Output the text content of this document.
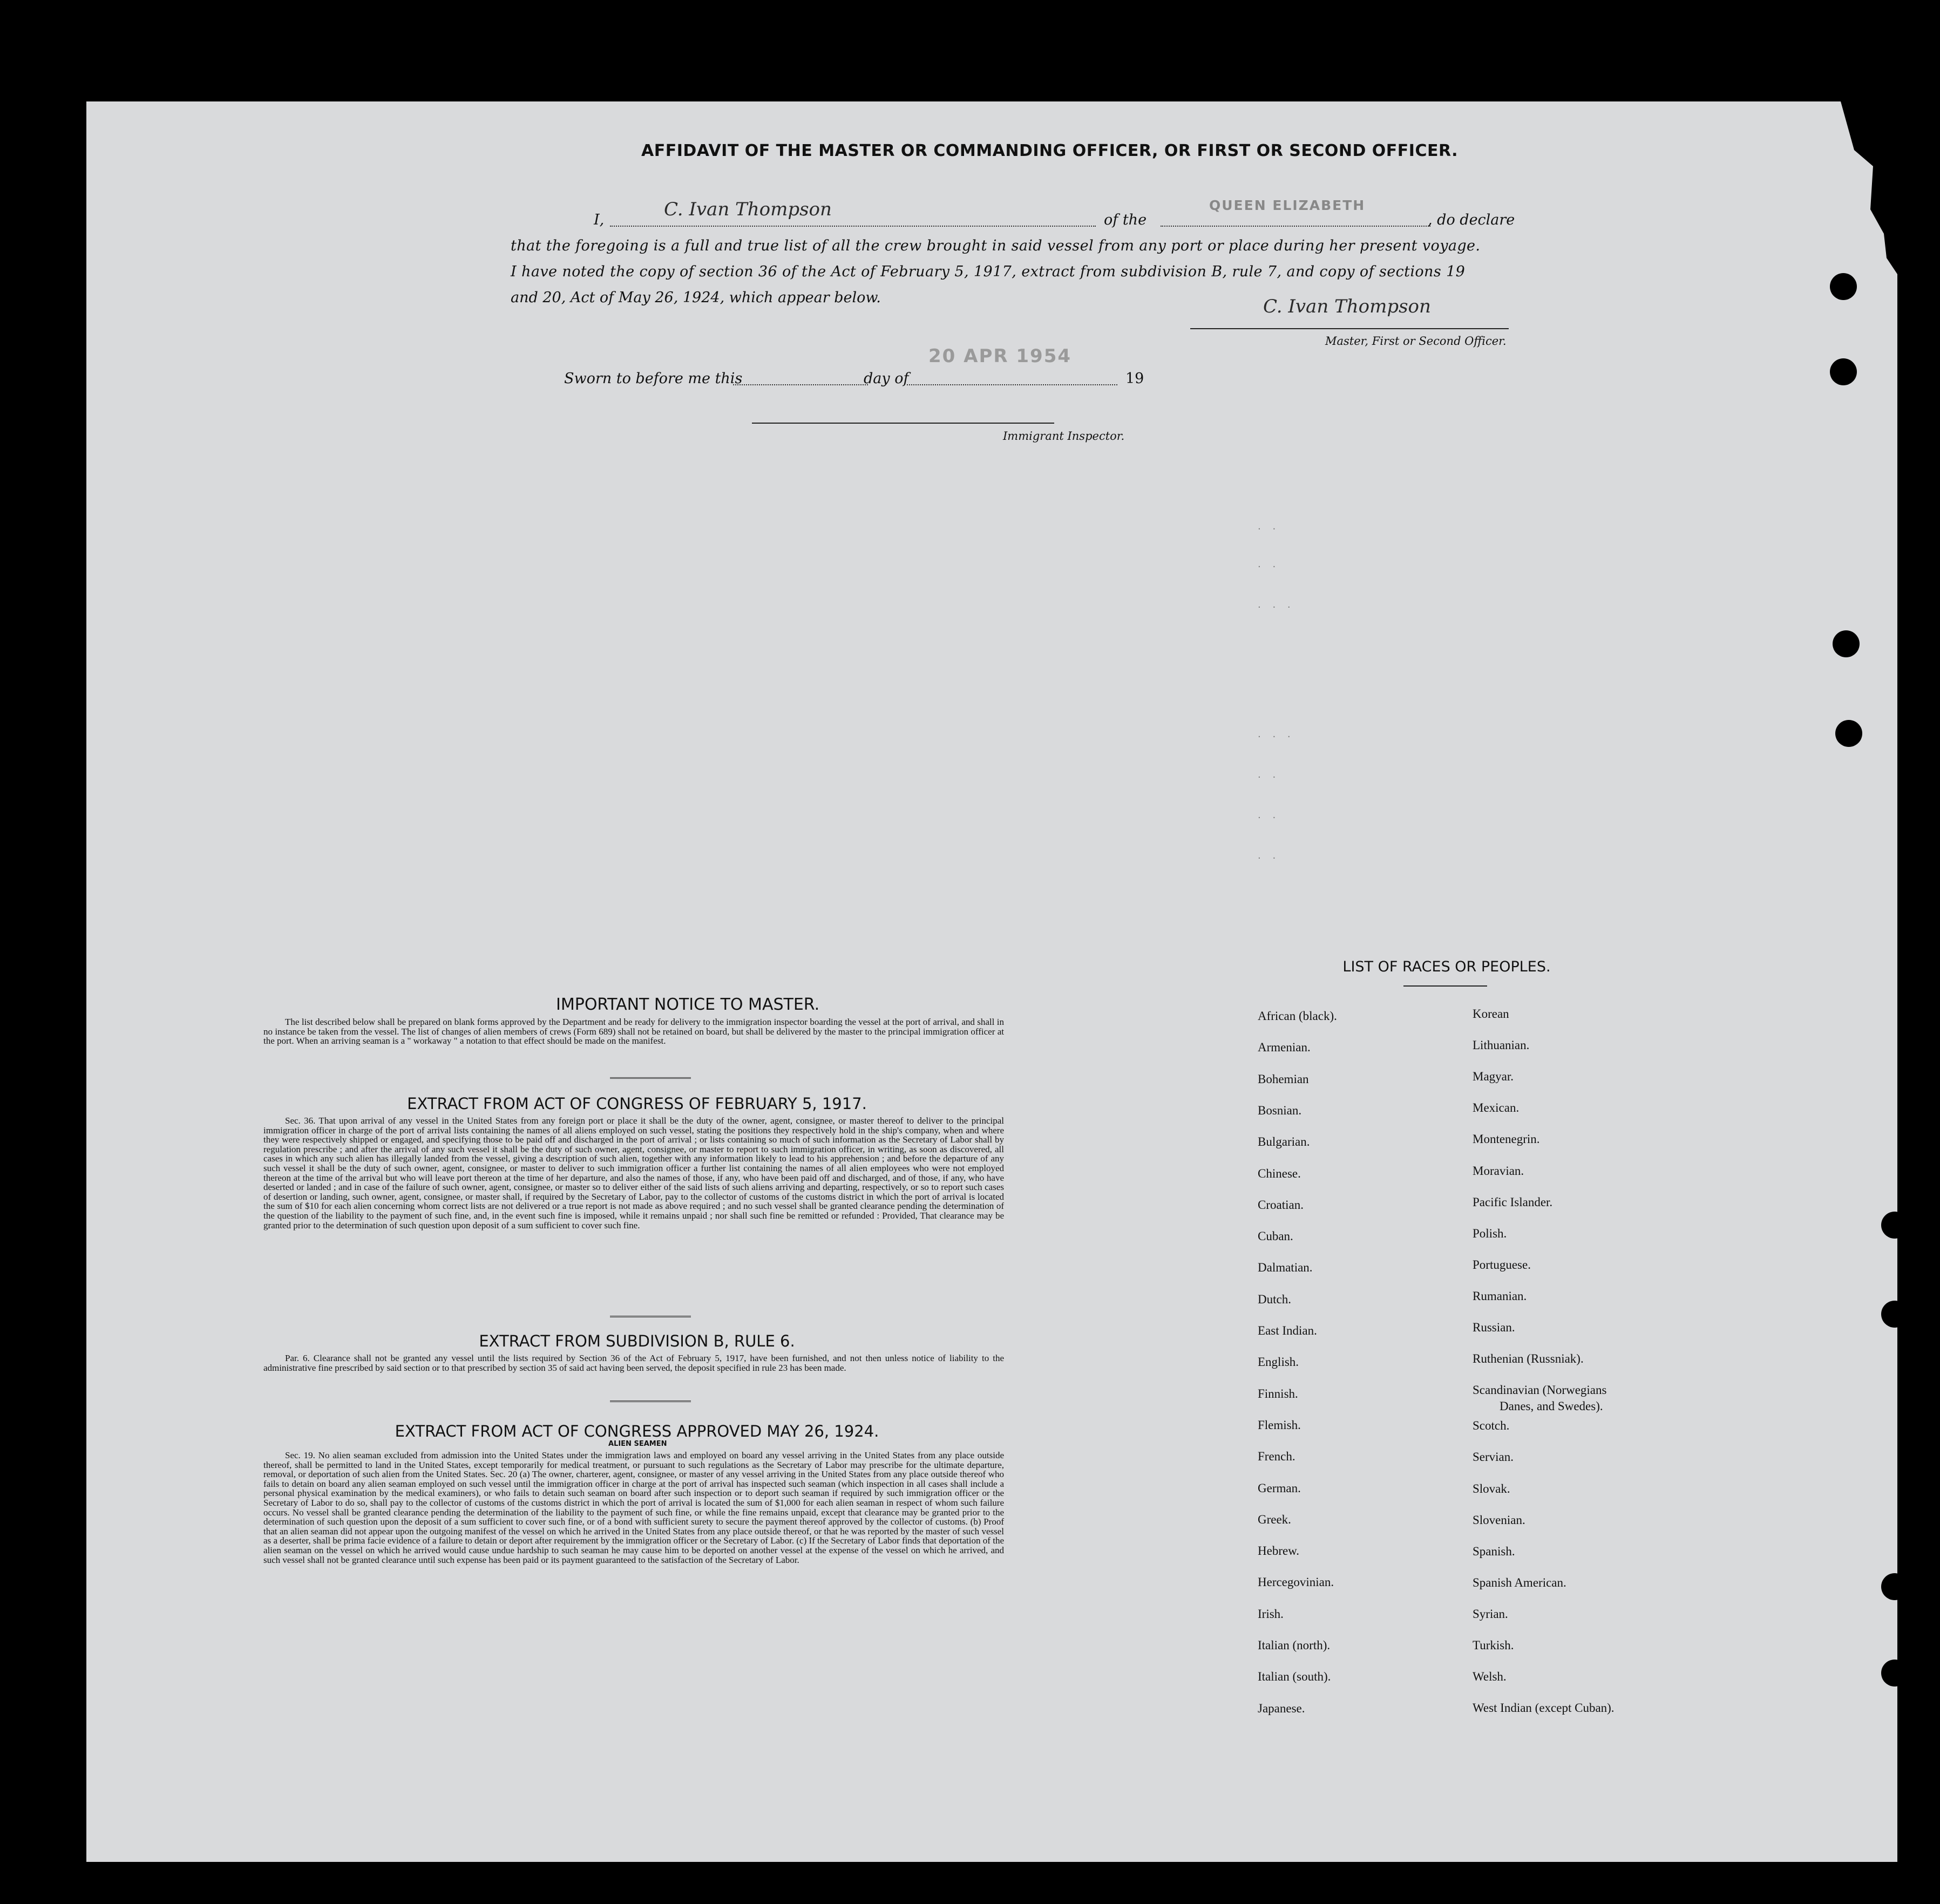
AFFIDAVIT OF THE MASTER OR COMMANDING OFFICER, OR FIRST OR SECOND OFFICER.
I,	C. Ivan Thompson	of the
QUEEN ELIZABETH
, do declare
that the foregoing is a full and true list of all the crew brought in said vessel from any port or place during her present voyage.
I have noted the copy of section 36 of the Act of February 5, 1917, extract from subdivision B, rule 7, and copy of sections 19
and 20, Act of May 26, 1924, which appear below.	C. Ivan Thompson
Master, First or Second Officer.
Sworn to before me this	day of
20 APR 1954
19
Immigrant Inspector.
· ·
· ·
· · ·
· · ·
· ·
· ·
· ·
IMPORTANT NOTICE TO MASTER.
The list described below shall be prepared on blank forms approved by the Department and be ready for delivery to the immigration inspector boarding the vessel at the port of arrival, and shall in no instance be taken from the vessel. The list of changes of alien members of crews (Form 689) shall not be retained on board, but shall be delivered by the master to the principal immigration officer at the port. When an arriving seaman is a " workaway " a notation to that effect should be made on the manifest.
EXTRACT FROM ACT OF CONGRESS OF FEBRUARY 5, 1917.
Sec. 36. That upon arrival of any vessel in the United States from any foreign port or place it shall be the duty of the owner, agent, consignee, or master thereof to deliver to the principal immigration officer in charge of the port of arrival lists containing the names of all aliens employed on such vessel, stating the positions they respectively hold in the ship's company, when and where they were respectively shipped or engaged, and specifying those to be paid off and discharged in the port of arrival ; or lists containing so much of such information as the Secretary of Labor shall by regulation prescribe ; and after the arrival of any such vessel it shall be the duty of such owner, agent, consignee, or master to report to such immigration officer, in writing, as soon as discovered, all cases in which any such alien has illegally landed from the vessel, giving a description of such alien, together with any information likely to lead to his apprehension ; and before the departure of any such vessel it shall be the duty of such owner, agent, consignee, or master to deliver to such immigration officer a further list containing the names of all alien employees who were not employed thereon at the time of the arrival but who will leave port thereon at the time of her departure, and also the names of those, if any, who have been paid off and discharged, and of those, if any, who have deserted or landed ; and in case of the failure of such owner, agent, consignee, or master so to deliver either of the said lists of such aliens arriving and departing, respectively, or so to report such cases of desertion or landing, such owner, agent, consignee, or master shall, if required by the Secretary of Labor, pay to the collector of customs of the customs district in which the port of arrival is located the sum of $10 for each alien concerning whom correct lists are not delivered or a true report is not made as above required ; and no such vessel shall be granted clearance pending the determination of the question of the liability to the payment of such fine, and, in the event such fine is imposed, while it remains unpaid ; nor shall such fine be remitted or refunded : Provided, That clearance may be granted prior to the determination of such question upon deposit of a sum sufficient to cover such fine.
EXTRACT FROM SUBDIVISION B, RULE 6.
Par. 6. Clearance shall not be granted any vessel until the lists required by Section 36 of the Act of February 5, 1917, have been furnished, and not then unless notice of liability to the administrative fine prescribed by said section or to that prescribed by section 35 of said act having been served, the deposit specified in rule 23 has been made.
EXTRACT FROM ACT OF CONGRESS APPROVED MAY 26, 1924.
ALIEN SEAMEN
Sec. 19. No alien seaman excluded from admission into the United States under the immigration laws and employed on board any vessel arriving in the United States from any place outside thereof, shall be permitted to land in the United States, except temporarily for medical treatment, or pursuant to such regulations as the Secretary of Labor may prescribe for the ultimate departure, removal, or deportation of such alien from the United States. Sec. 20 (a) The owner, charterer, agent, consignee, or master of any vessel arriving in the United States from any place outside thereof who fails to detain on board any alien seaman employed on such vessel until the immigration officer in charge at the port of arrival has inspected such seaman (which inspection in all cases shall include a personal physical examination by the medical examiners), or who fails to detain such seaman on board after such inspection or to deport such seaman if required by such immigration officer or the Secretary of Labor to do so, shall pay to the collector of customs of the customs district in which the port of arrival is located the sum of $1,000 for each alien seaman in respect of whom such failure occurs. No vessel shall be granted clearance pending the determination of the liability to the payment of such fine, or while the fine remains unpaid, except that clearance may be granted prior to the determination of such question upon the deposit of a sum sufficient to cover such fine, or of a bond with sufficient surety to secure the payment thereof approved by the collector of customs. (b) Proof that an alien seaman did not appear upon the outgoing manifest of the vessel on which he arrived in the United States from any place outside thereof, or that he was reported by the master of such vessel as a deserter, shall be prima facie evidence of a failure to detain or deport after requirement by the immigration officer or the Secretary of Labor. (c) If the Secretary of Labor finds that deportation of the alien seaman on the vessel on which he arrived would cause undue hardship to such seaman he may cause him to be deported on another vessel at the expense of the vessel on which he arrived, and such vessel shall not be granted clearance until such expense has been paid or its payment guaranteed to the satisfaction of the Secretary of Labor.
LIST OF RACES OR PEOPLES.
African (black).
Armenian.
Bohemian
Bosnian.
Bulgarian.
Chinese.
Croatian.
Cuban.
Dalmatian.
Dutch.
East Indian.
English.
Finnish.
Flemish.
French.
German.
Greek.
Hebrew.
Hercegovinian.
Irish.
Italian (north).
Italian (south).
Japanese.
Korean
Lithuanian.
Magyar.
Mexican.
Montenegrin.
Moravian.
Pacific Islander.
Polish.
Portuguese.
Rumanian.
Russian.
Ruthenian (Russniak).
Scandinavian (Norwegians
Scotch.
Servian.
Slovak.
Slovenian.
Spanish.
Spanish American.
Syrian.
Turkish.
Welsh.
West Indian (except Cuban).
Danes, and Swedes).
